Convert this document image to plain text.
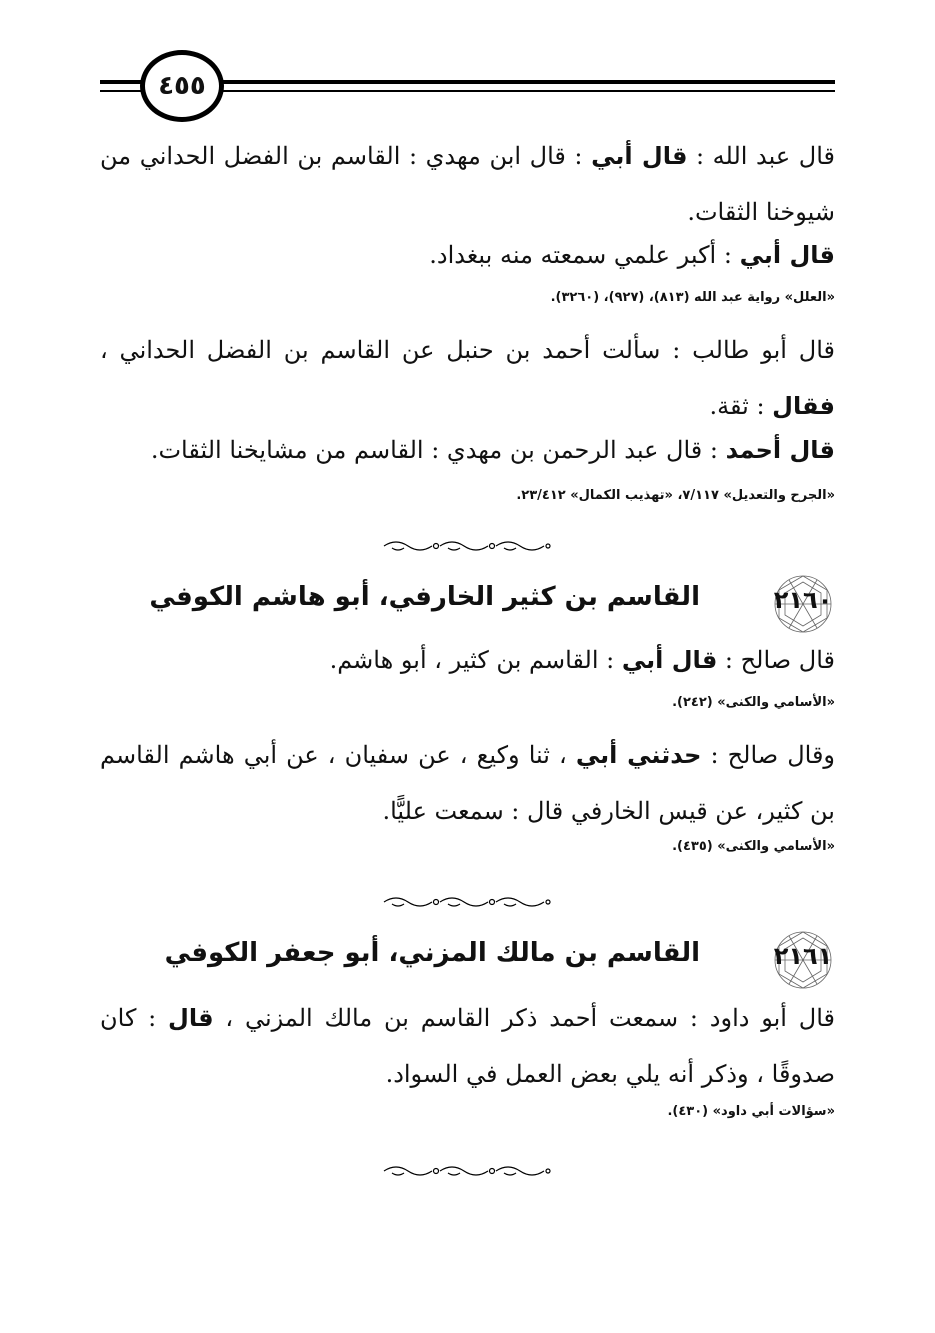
٤٥٥
قال عبد الله : قال أبي : قال ابن مهدي : القاسم بن الفضل الحداني من شيوخنا الثقات.
قال أبي : أكبر علمي سمعته منه ببغداد.
«العلل» رواية عبد الله (٨١٣)، (٩٢٧)، (٣٢٦٠).
قال أبو طالب : سألت أحمد بن حنبل عن القاسم بن الفضل الحداني ، فقال : ثقة.
قال أحمد : قال عبد الرحمن بن مهدي : القاسم من مشايخنا الثقات.
«الجرح والتعديل» ٧/١١٧، «تهذيب الكمال» ٢٣/٤١٢.
٢١٦٠
القاسم بن كثير الخارفي، أبو هاشم الكوفي
قال صالح : قال أبي : القاسم بن كثير ، أبو هاشم.
«الأسامي والكنى» (٢٤٢).
وقال صالح : حدثني أبي ، ثنا وكيع ، عن سفيان ، عن أبي هاشم القاسم بن كثير، عن قيس الخارفي قال : سمعت عليًّا.
«الأسامي والكنى» (٤٣٥).
٢١٦١
القاسم بن مالك المزني، أبو جعفر الكوفي
قال أبو داود : سمعت أحمد ذكر القاسم بن مالك المزني ، قال : كان صدوقًا ، وذكر أنه يلي بعض العمل في السواد.
«سؤالات أبي داود» (٤٣٠).
